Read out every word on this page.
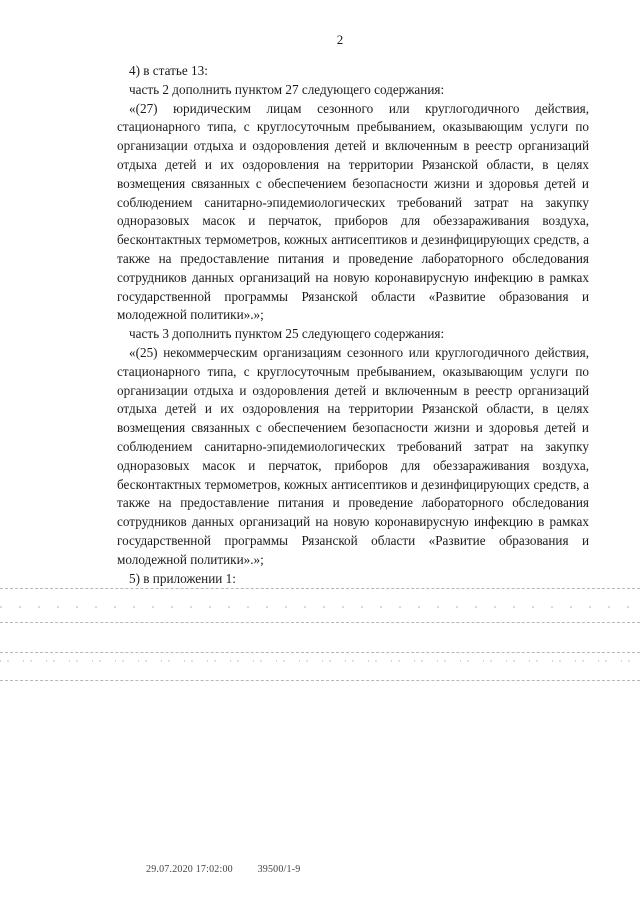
2

4) в статье 13:

часть 2 дополнить пунктом 27 следующего содержания:

«(27) юридическим лицам сезонного или круглогодичного действия, стационарного типа, с круглосуточным пребыванием, оказывающим услуги по организации отдыха и оздоровления детей и включенным в реестр организаций отдыха детей и их оздоровления на территории Рязанской области, в целях возмещения связанных с обеспечением безопасности жизни и здоровья детей и соблюдением санитарно-эпидемиологических требований затрат на закупку одноразовых масок и перчаток, приборов для обеззараживания воздуха, бесконтактных термометров, кожных антисептиков и дезинфицирующих средств, а также на предоставление питания и проведение лабораторного обследования сотрудников данных организаций на новую коронавирусную инфекцию в рамках государственной программы Рязанской области «Развитие образования и молодежной политики».»;

часть 3 дополнить пунктом 25 следующего содержания:

«(25) некоммерческим организациям сезонного или круглогодичного действия, стационарного типа, с круглосуточным пребыванием, оказывающим услуги по организации отдыха и оздоровления детей и включенным в реестр организаций отдыха детей и их оздоровления на территории Рязанской области, в целях возмещения связанных с обеспечением безопасности жизни и здоровья детей и соблюдением санитарно-эпидемиологических требований затрат на закупку одноразовых масок и перчаток, приборов для обеззараживания воздуха, бесконтактных термометров, кожных антисептиков и дезинфицирующих средств, а также на предоставление питания и проведение лабораторного обследования сотрудников данных организаций на новую коронавирусную инфекцию в рамках государственной программы Рязанской области «Развитие образования и молодежной политики».»;

5) в приложении 1:

29.07.2020 17:02:00 39500/1-9
